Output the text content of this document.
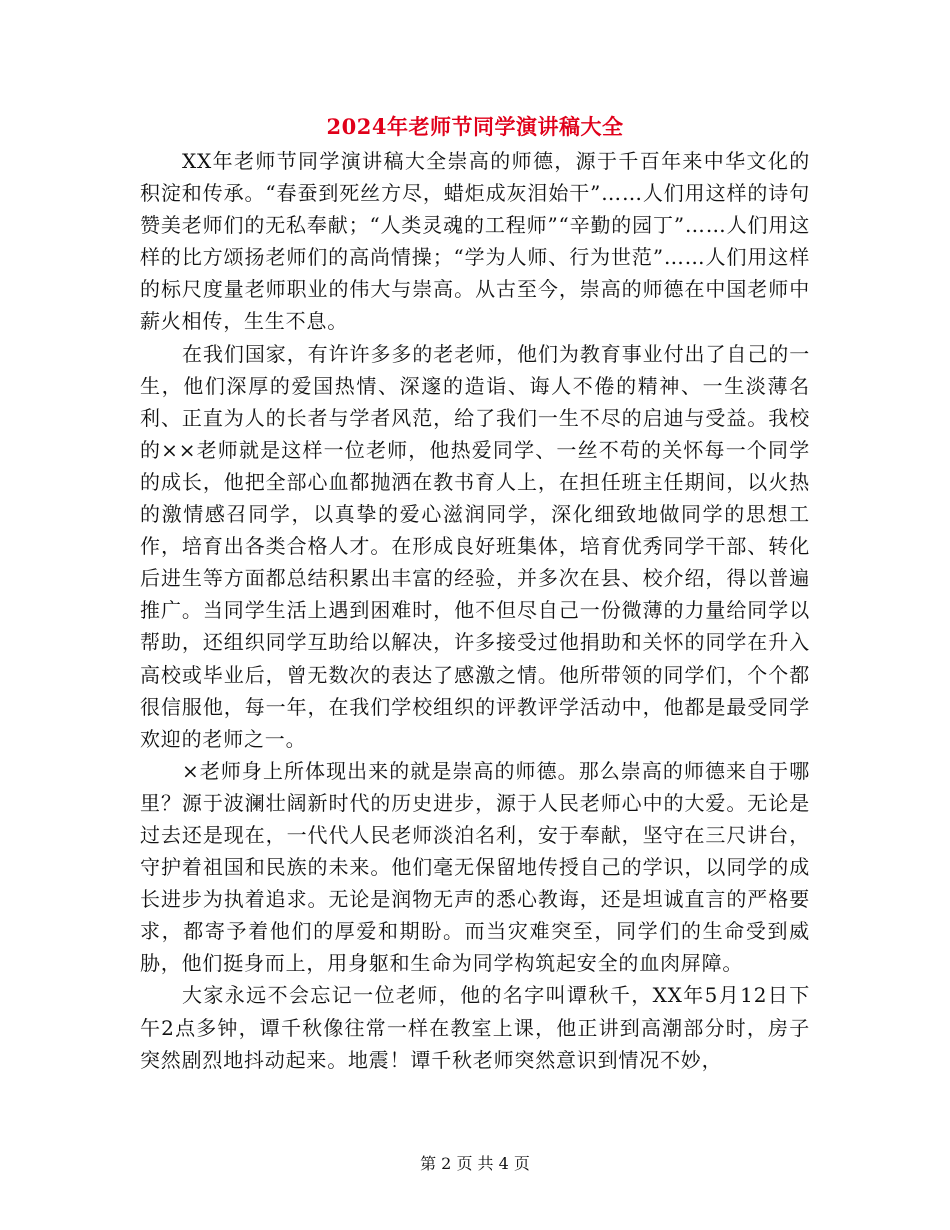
2024年老师节同学演讲稿大全

XX年老师节同学演讲稿大全崇高的师德，源于千百年来中华文化的积淀和传承。“春蚕到死丝方尽，蜡炬成灰泪始干”……人们用这样的诗句赞美老师们的无私奉献；“人类灵魂的工程师”“辛勤的园丁”……人们用这样的比方颂扬老师们的高尚情操；“学为人师、行为世范”……人们用这样的标尺度量老师职业的伟大与崇高。从古至今，崇高的师德在中国老师中薪火相传，生生不息。

在我们国家，有许许多多的老老师，他们为教育事业付出了自己的一生，他们深厚的爱国热情、深邃的造诣、诲人不倦的精神、一生淡薄名利、正直为人的长者与学者风范，给了我们一生不尽的启迪与受益。我校的××老师就是这样一位老师，他热爱同学、一丝不苟的关怀每一个同学的成长，他把全部心血都抛洒在教书育人上，在担任班主任期间，以火热的激情感召同学，以真挚的爱心滋润同学，深化细致地做同学的思想工作，培育出各类合格人才。在形成良好班集体，培育优秀同学干部、转化后进生等方面都总结积累出丰富的经验，并多次在县、校介绍，得以普遍推广。当同学生活上遇到困难时，他不但尽自己一份微薄的力量给同学以帮助，还组织同学互助给以解决，许多接受过他捐助和关怀的同学在升入高校或毕业后，曾无数次的表达了感激之情。他所带领的同学们，个个都很信服他，每一年，在我们学校组织的评教评学活动中，他都是最受同学欢迎的老师之一。

×老师身上所体现出来的就是崇高的师德。那么崇高的师德来自于哪里？源于波澜壮阔新时代的历史进步，源于人民老师心中的大爱。无论是过去还是现在，一代代人民老师淡泊名利，安于奉献，坚守在三尺讲台，守护着祖国和民族的未来。他们毫无保留地传授自己的学识，以同学的成长进步为执着追求。无论是润物无声的悉心教诲，还是坦诚直言的严格要求，都寄予着他们的厚爱和期盼。而当灾难突至，同学们的生命受到威胁，他们挺身而上，用身躯和生命为同学构筑起安全的血肉屏障。

大家永远不会忘记一位老师，他的名字叫谭秋千，XX年5月12日下午2点多钟，谭千秋像往常一样在教室上课，他正讲到高潮部分时，房子突然剧烈地抖动起来。地震！谭千秋老师突然意识到情况不妙，

第 2 页 共 4 页
